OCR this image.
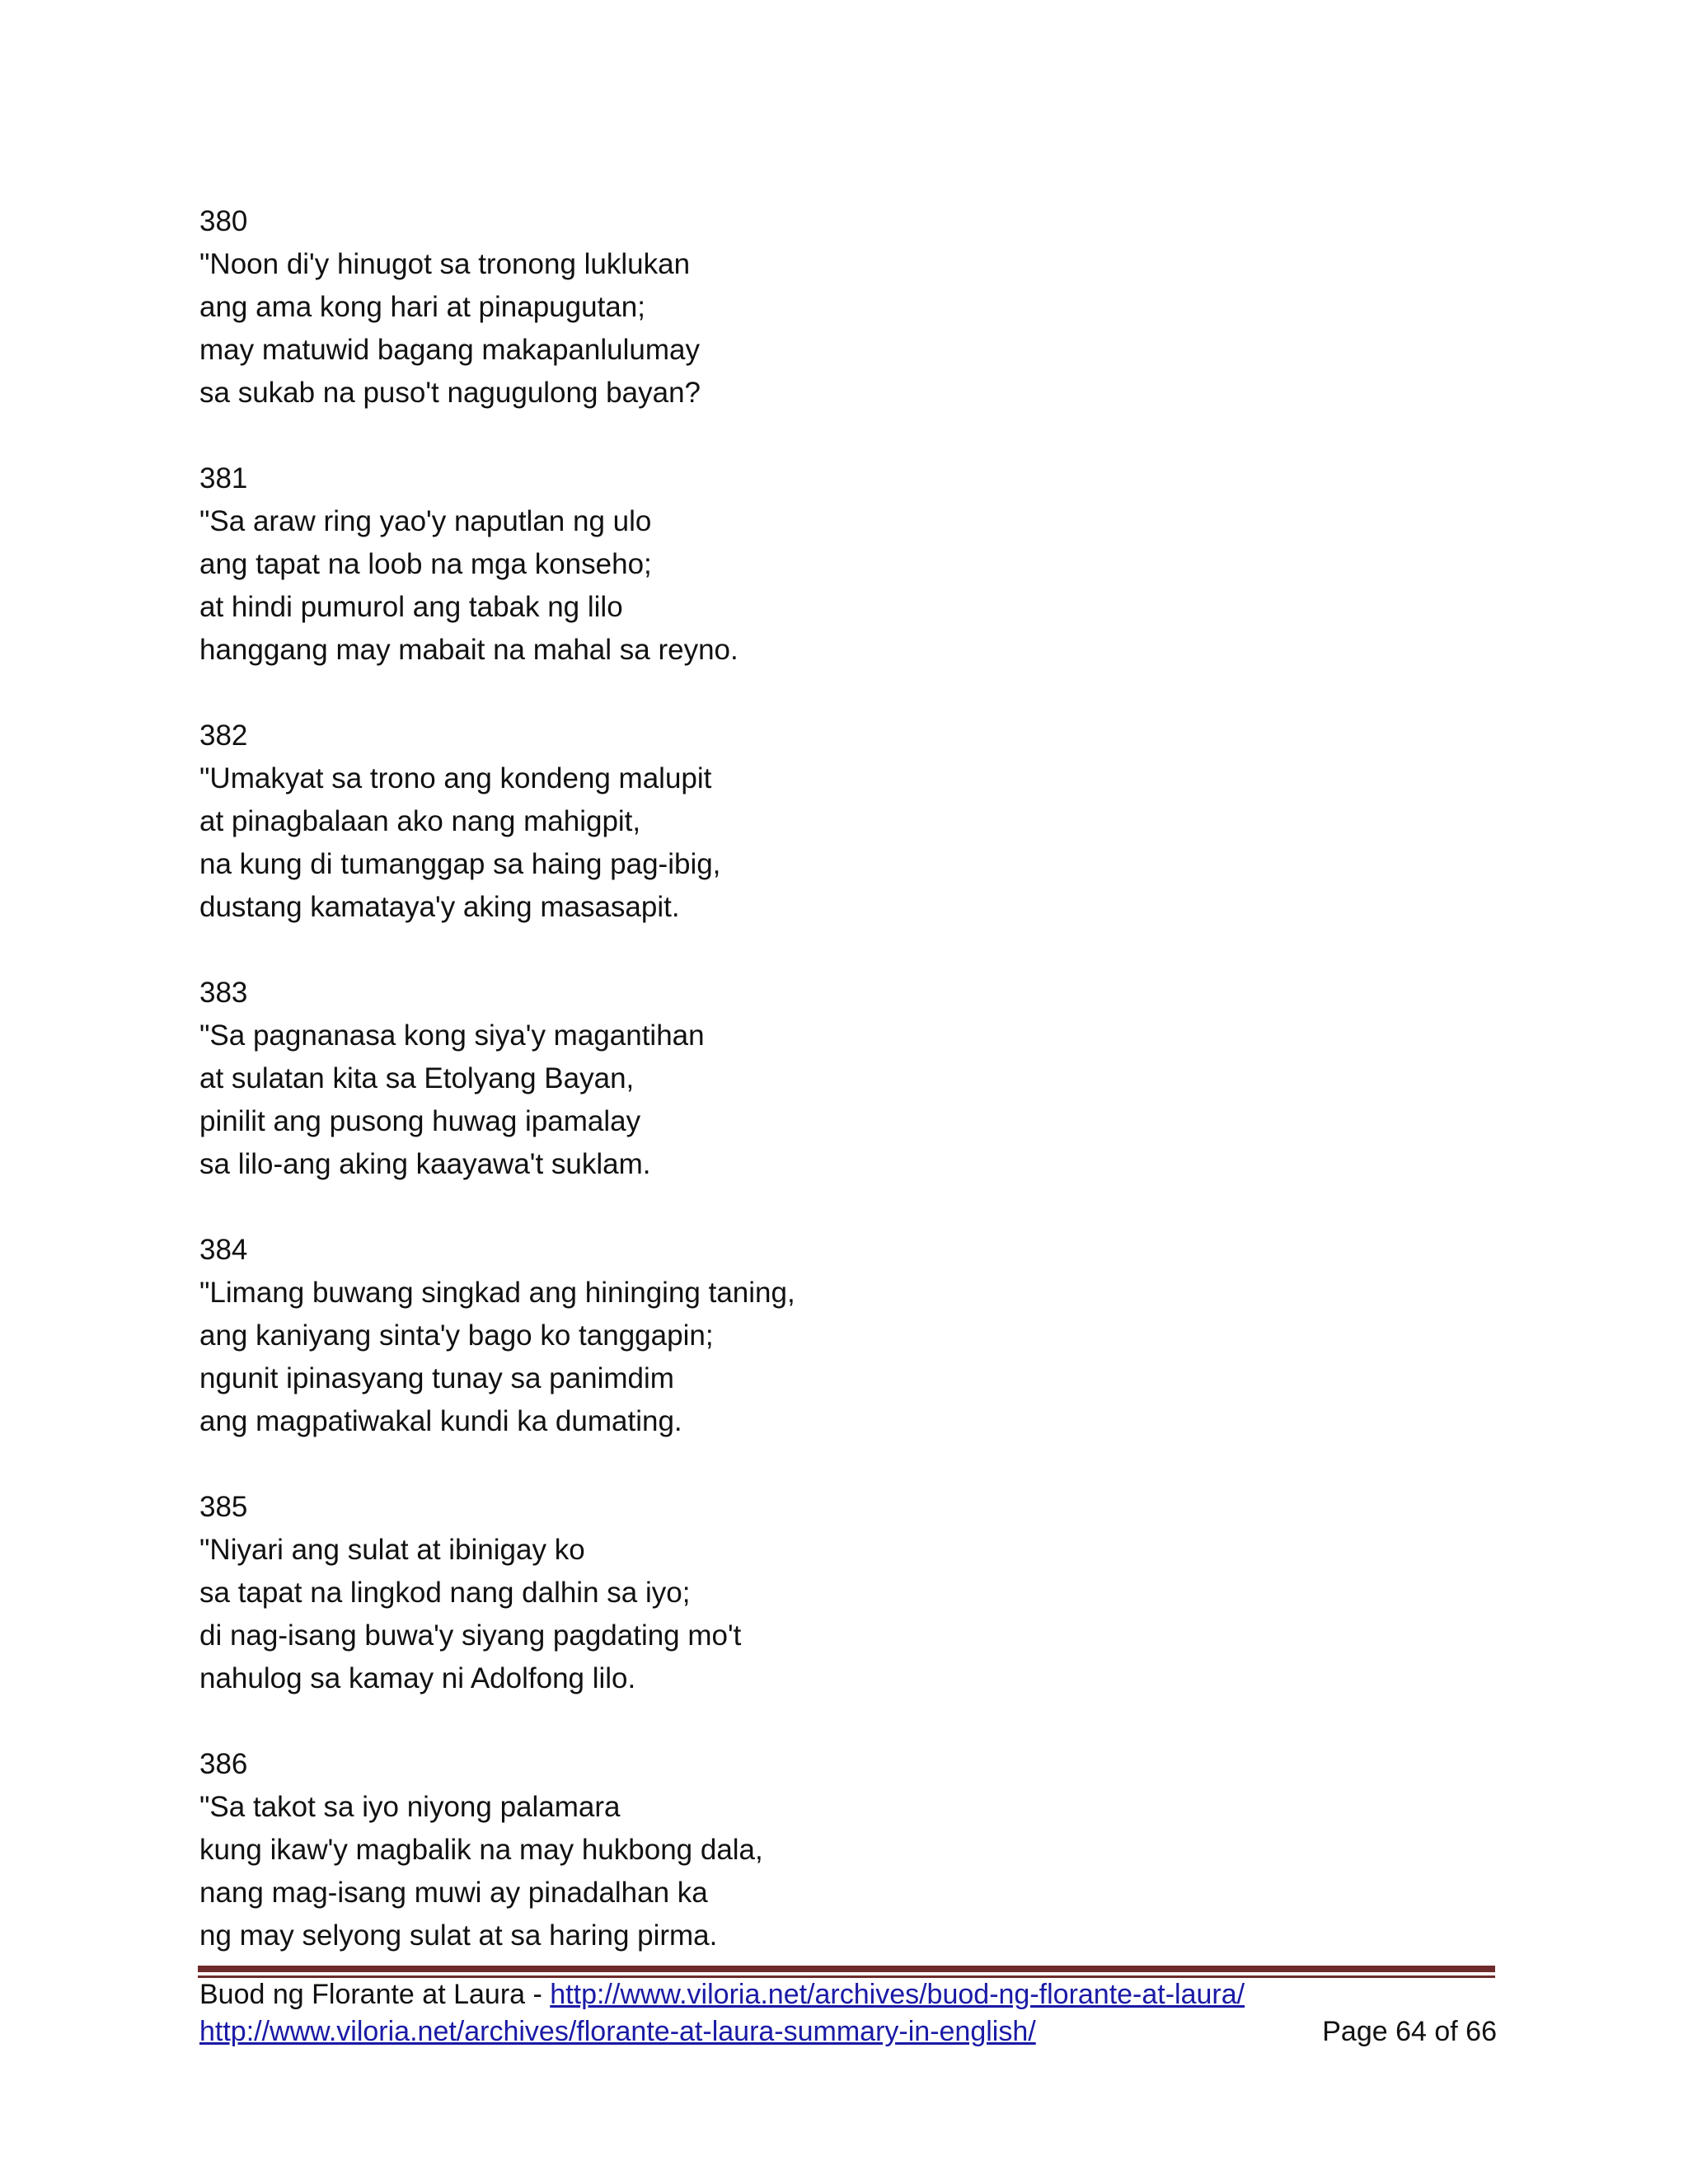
380
"Noon di'y hinugot sa tronong luklukan
ang ama kong hari at pinapugutan;
may matuwid bagang makapanlulumay
sa sukab na puso't nagugulong bayan?
381
"Sa araw ring yao'y naputlan ng ulo
ang tapat na loob na mga konseho;
at hindi pumurol ang tabak ng lilo
hanggang may mabait na mahal sa reyno.
382
"Umakyat sa trono ang kondeng malupit
at pinagbalaan ako nang mahigpit,
na kung di tumanggap sa haing pag-ibig,
dustang kamataya'y aking masasapit.
383
"Sa pagnanasa kong siya'y magantihan
at sulatan kita sa Etolyang Bayan,
pinilit ang pusong huwag ipamalay
sa lilo-ang aking kaayawa't suklam.
384
"Limang buwang singkad ang hininging taning,
ang kaniyang sinta'y bago ko tanggapin;
ngunit ipinasyang tunay sa panimdim
ang magpatiwakal kundi ka dumating.
385
"Niyari ang sulat at ibinigay ko
sa tapat na lingkod nang dalhin sa iyo;
di nag-isang buwa'y siyang pagdating mo't
nahulog sa kamay ni Adolfong lilo.
386
"Sa takot sa iyo niyong palamara
kung ikaw'y magbalik na may hukbong dala,
nang mag-isang muwi ay pinadalhan ka
ng may selyong sulat at sa haring pirma.
Buod ng Florante at Laura - http://www.viloria.net/archives/buod-ng-florante-at-laura/
http://www.viloria.net/archives/florante-at-laura-summary-in-english/	Page 64 of 66
